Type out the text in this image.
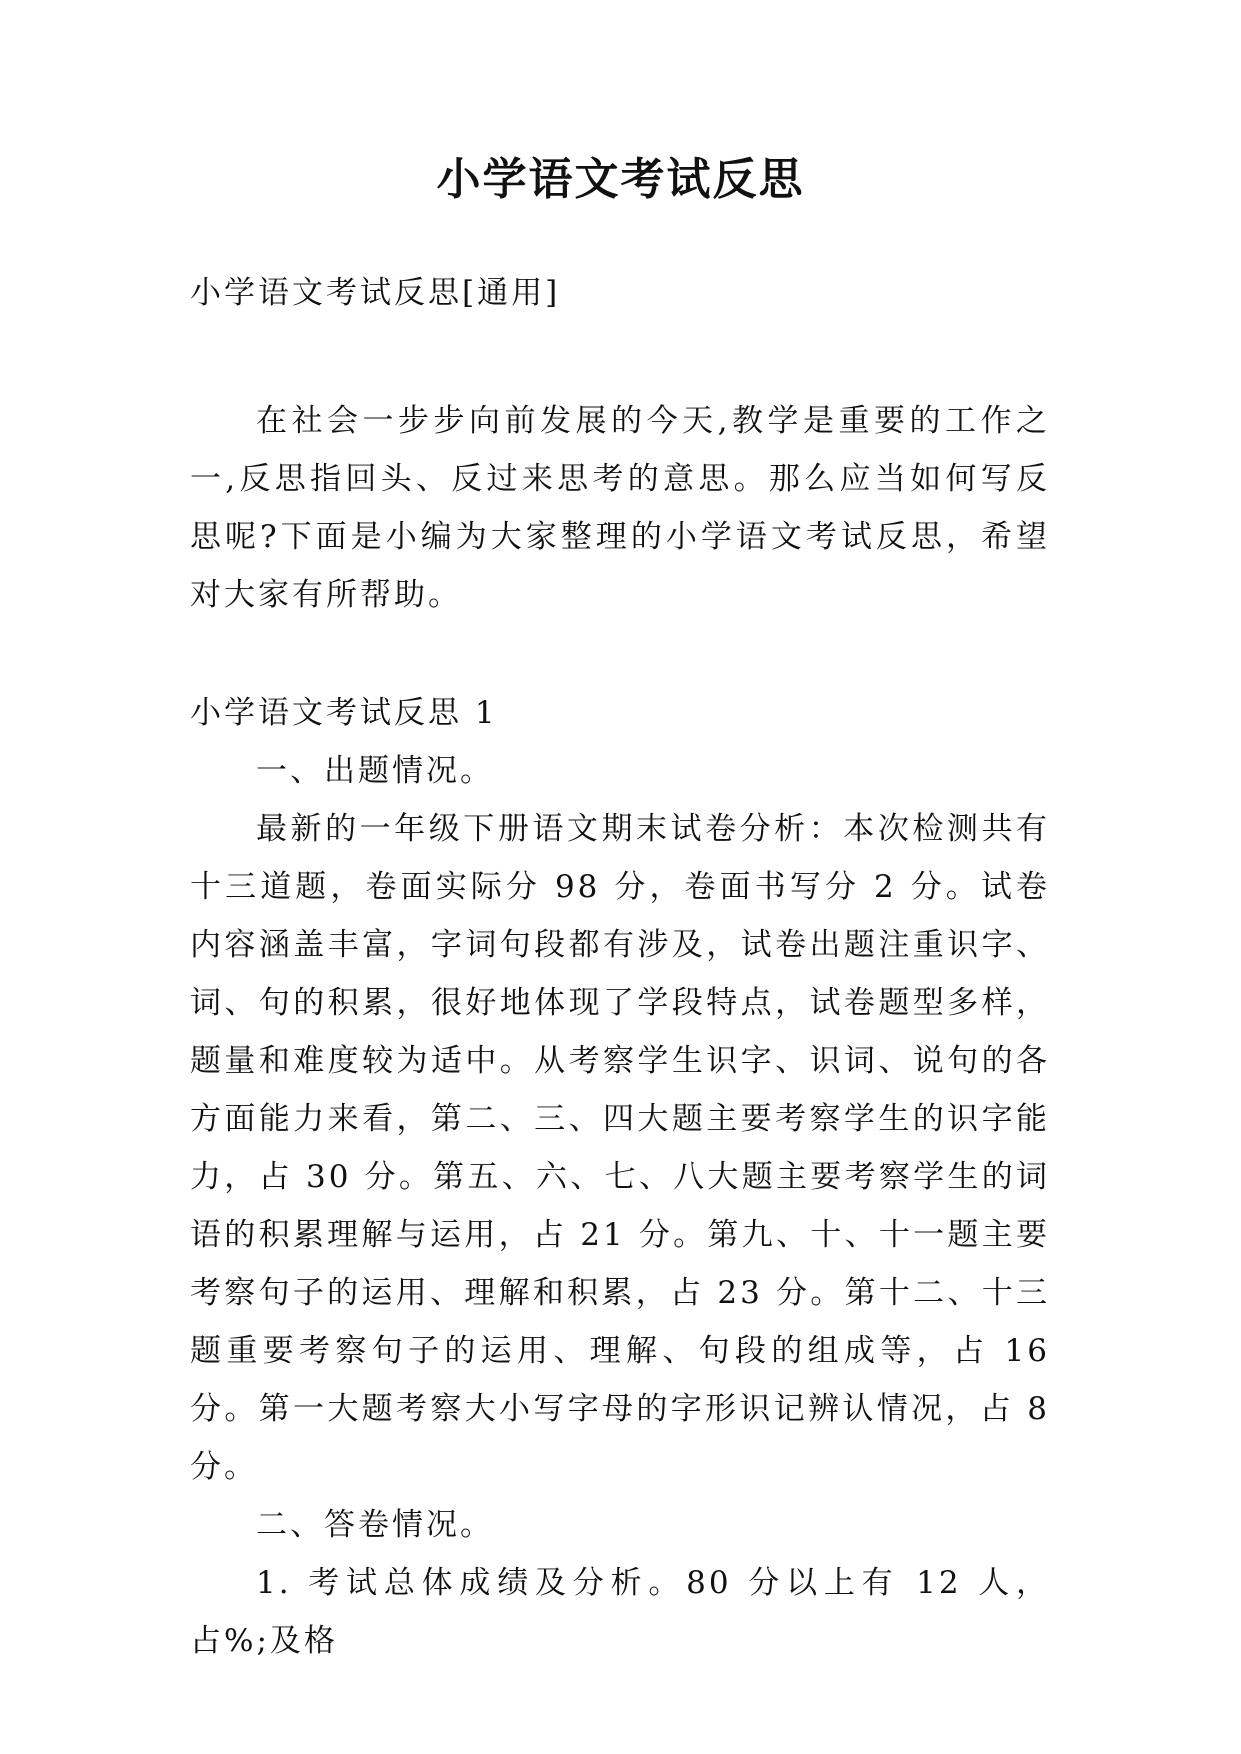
小学语文考试反思

小学语文考试反思[通用]

在社会一步步向前发展的今天,教学是重要的工作之一,反思指回头、反过来思考的意思。那么应当如何写反思呢?下面是小编为大家整理的小学语文考试反思，希望对大家有所帮助。

小学语文考试反思 1

一、出题情况。

最新的一年级下册语文期末试卷分析：本次检测共有十三道题，卷面实际分 98 分，卷面书写分 2 分。试卷内容涵盖丰富，字词句段都有涉及，试卷出题注重识字、词、句的积累，很好地体现了学段特点，试卷题型多样，题量和难度较为适中。从考察学生识字、识词、说句的各方面能力来看，第二、三、四大题主要考察学生的识字能力，占 30 分。第五、六、七、八大题主要考察学生的词语的积累理解与运用，占 21 分。第九、十、十一题主要考察句子的运用、理解和积累，占 23 分。第十二、十三题重要考察句子的运用、理解、句段的组成等，占 16 分。第一大题考察大小写字母的字形识记辨认情况，占 8 分。

二、答卷情况。

1. 考试总体成绩及分析。80 分以上有 12 人，占%;及格
